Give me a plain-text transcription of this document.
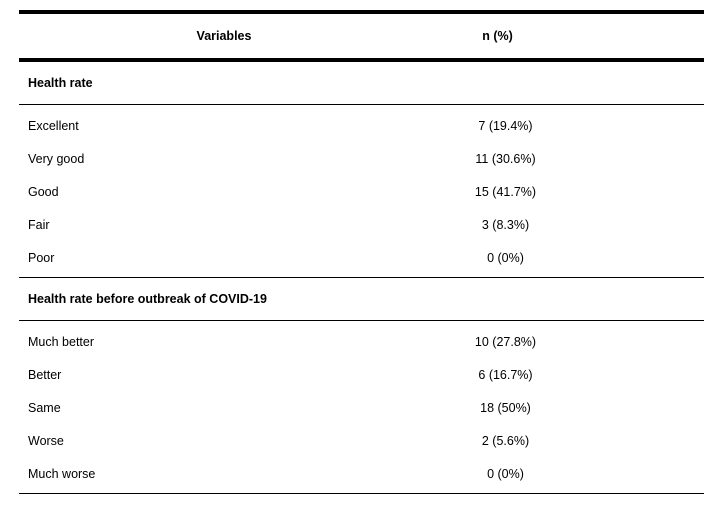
Variables	n (%)
Health rate
Excellent	7 (19.4%)
Very good	11 (30.6%)
Good	15 (41.7%)
Fair	3 (8.3%)
Poor	0 (0%)
Health rate before outbreak of COVID-19
Much better	10 (27.8%)
Better	6 (16.7%)
Same	18 (50%)
Worse	2 (5.6%)
Much worse	0 (0%)
